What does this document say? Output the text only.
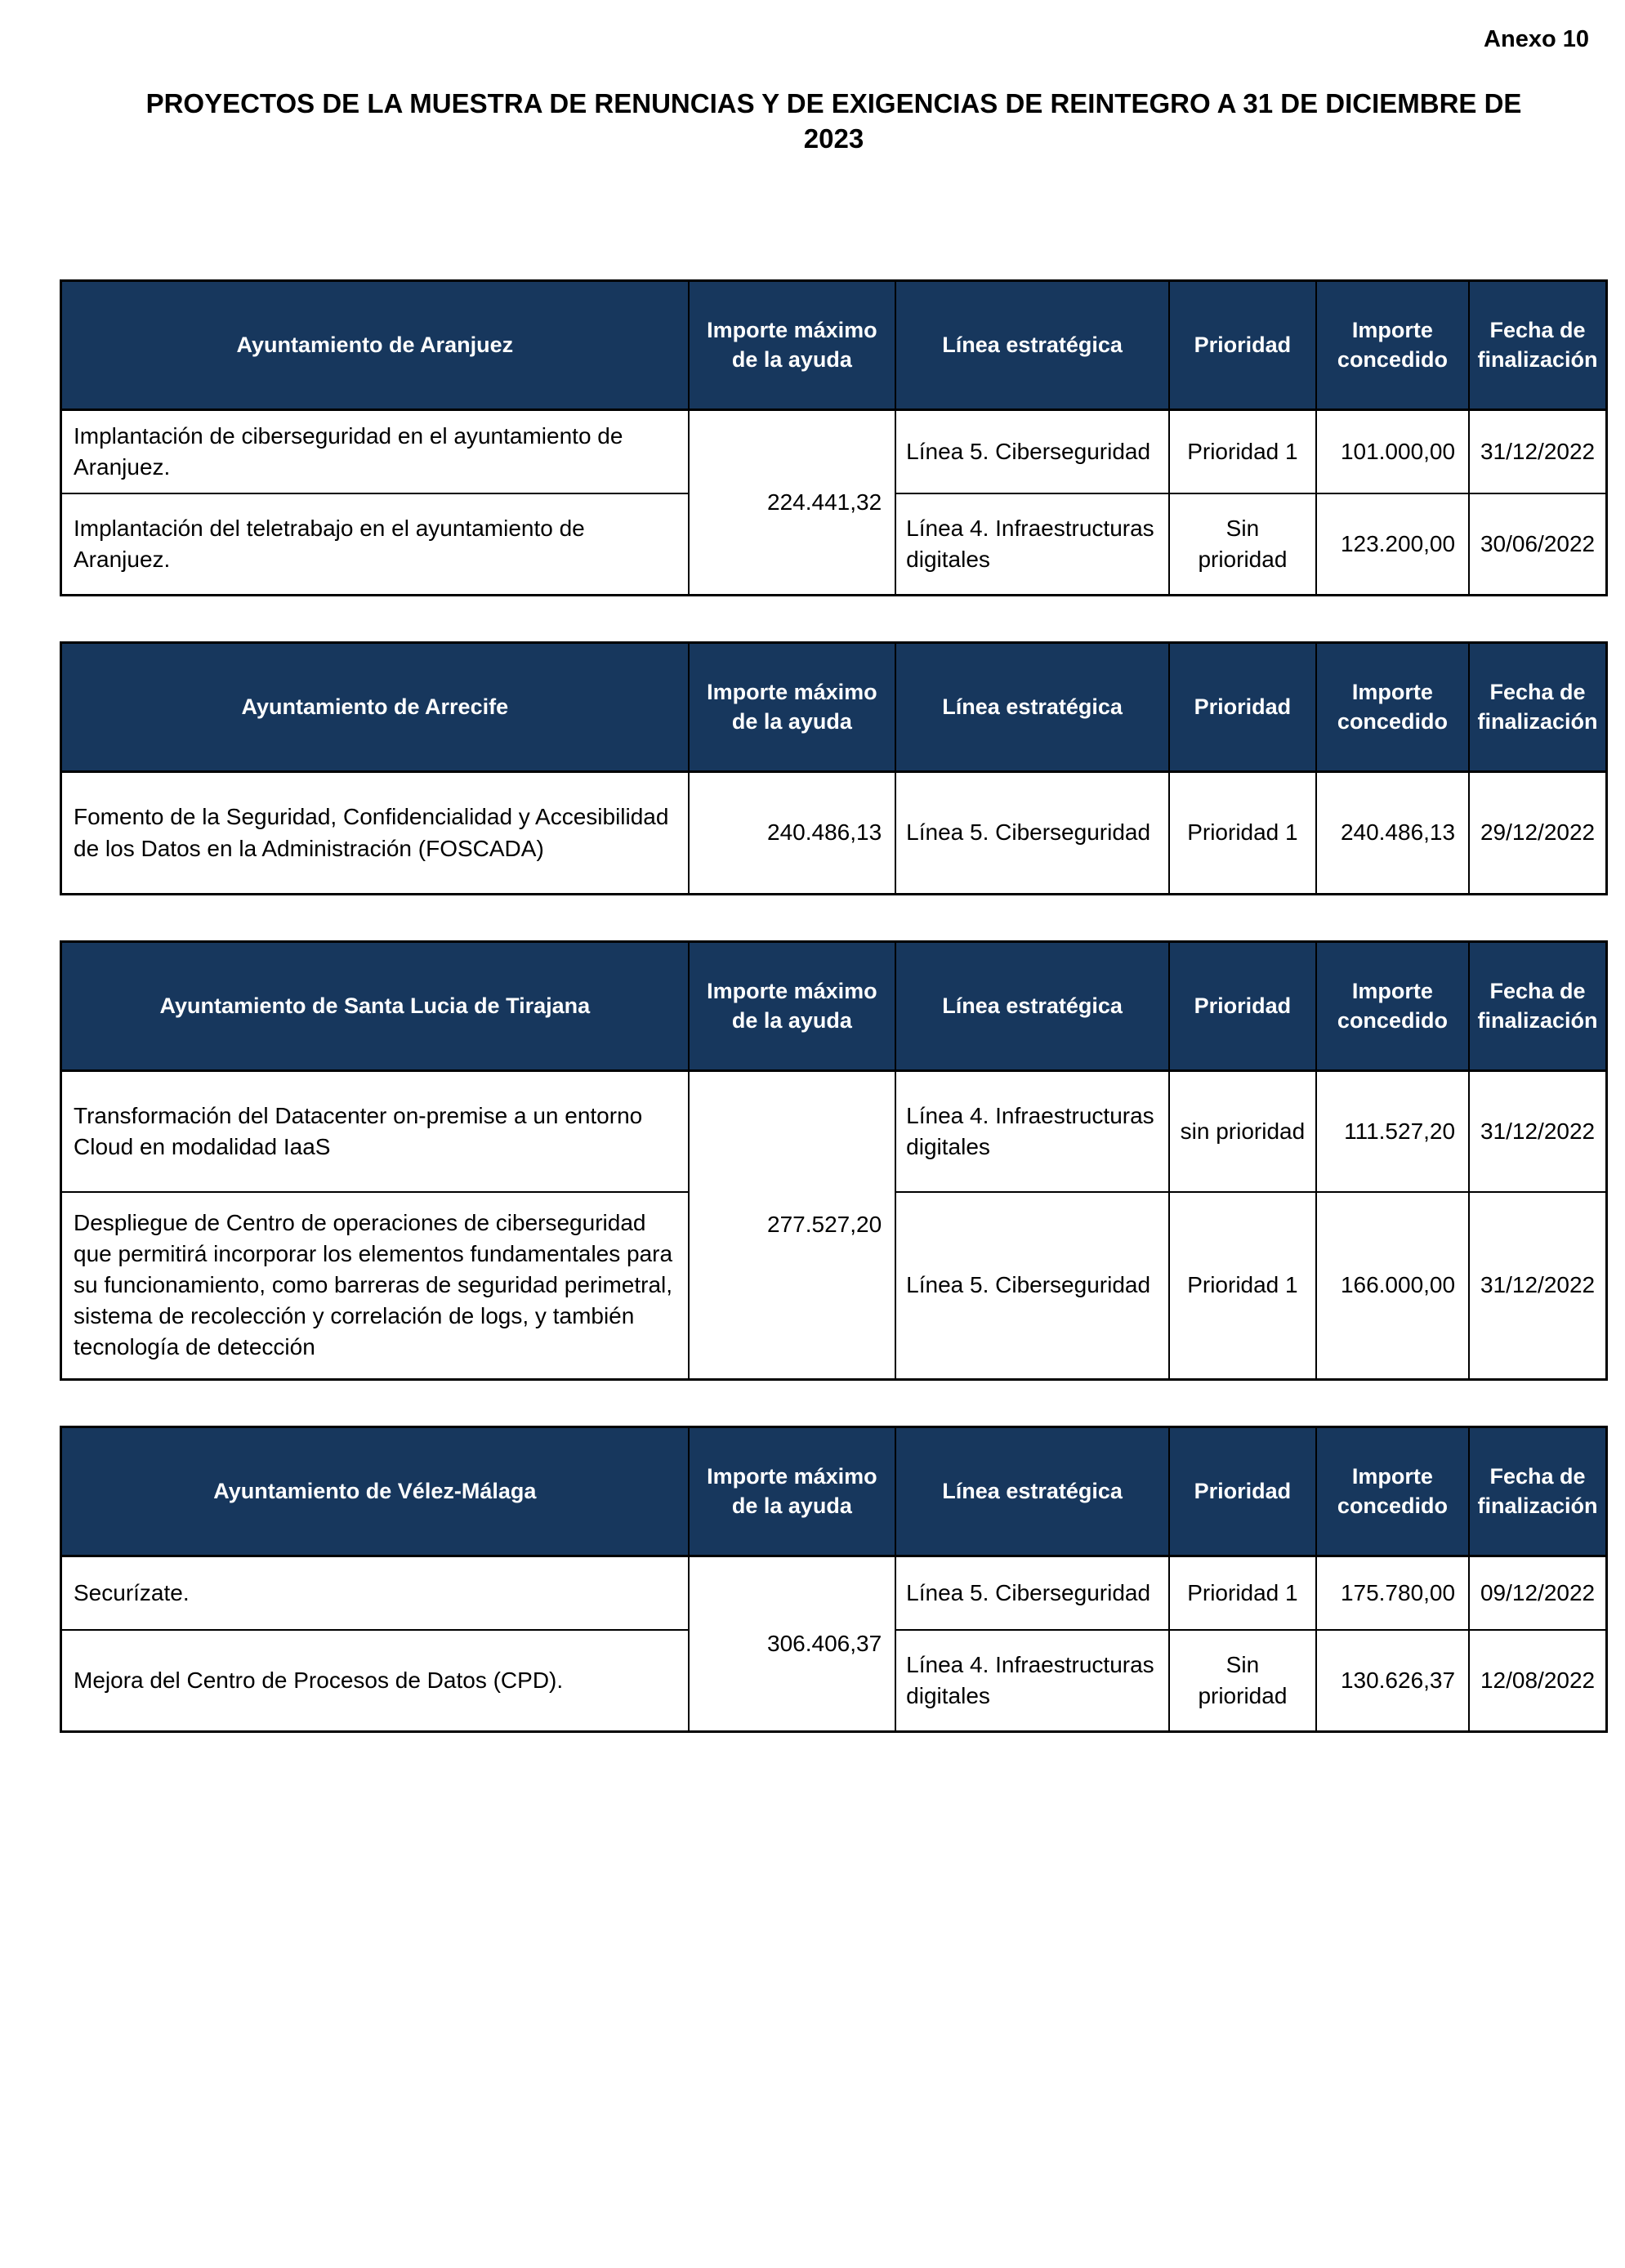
Anexo 10
PROYECTOS DE LA MUESTRA DE RENUNCIAS Y DE EXIGENCIAS DE REINTEGRO A 31 DE DICIEMBRE DE 2023
Ayuntamiento de Aranjuez	Importe máximo de la ayuda	Línea estratégica	Prioridad	Importe concedido	Fecha de finalización
Implantación de ciberseguridad en el ayuntamiento de Aranjuez.	224.441,32	Línea 5. Ciberseguridad	Prioridad 1	101.000,00	31/12/2022
Implantación del teletrabajo en el ayuntamiento de Aranjuez.		Línea 4. Infraestructuras digitales	Sin prioridad	123.200,00	30/06/2022
Ayuntamiento de Arrecife	Importe máximo de la ayuda	Línea estratégica	Prioridad	Importe concedido	Fecha de finalización
Fomento de la Seguridad, Confidencialidad y Accesibilidad de los Datos en la Administración (FOSCADA)	240.486,13	Línea 5. Ciberseguridad	Prioridad 1	240.486,13	29/12/2022
Ayuntamiento de Santa Lucia de Tirajana	Importe máximo de la ayuda	Línea estratégica	Prioridad	Importe concedido	Fecha de finalización
Transformación del Datacenter on-premise a un entorno Cloud en modalidad IaaS	277.527,20	Línea 4. Infraestructuras digitales	sin prioridad	111.527,20	31/12/2022
Despliegue de Centro de operaciones de ciberseguridad que permitirá incorporar los elementos fundamentales para su funcionamiento, como barreras de seguridad perimetral, sistema de recolección y correlación de logs, y también tecnología de detección		Línea 5. Ciberseguridad	Prioridad 1	166.000,00	31/12/2022
Ayuntamiento de Vélez-Málaga	Importe máximo de la ayuda	Línea estratégica	Prioridad	Importe concedido	Fecha de finalización
Securízate.	306.406,37	Línea 5. Ciberseguridad	Prioridad 1	175.780,00	09/12/2022
Mejora del Centro de Procesos de Datos (CPD).		Línea 4. Infraestructuras digitales	Sin prioridad	130.626,37	12/08/2022
